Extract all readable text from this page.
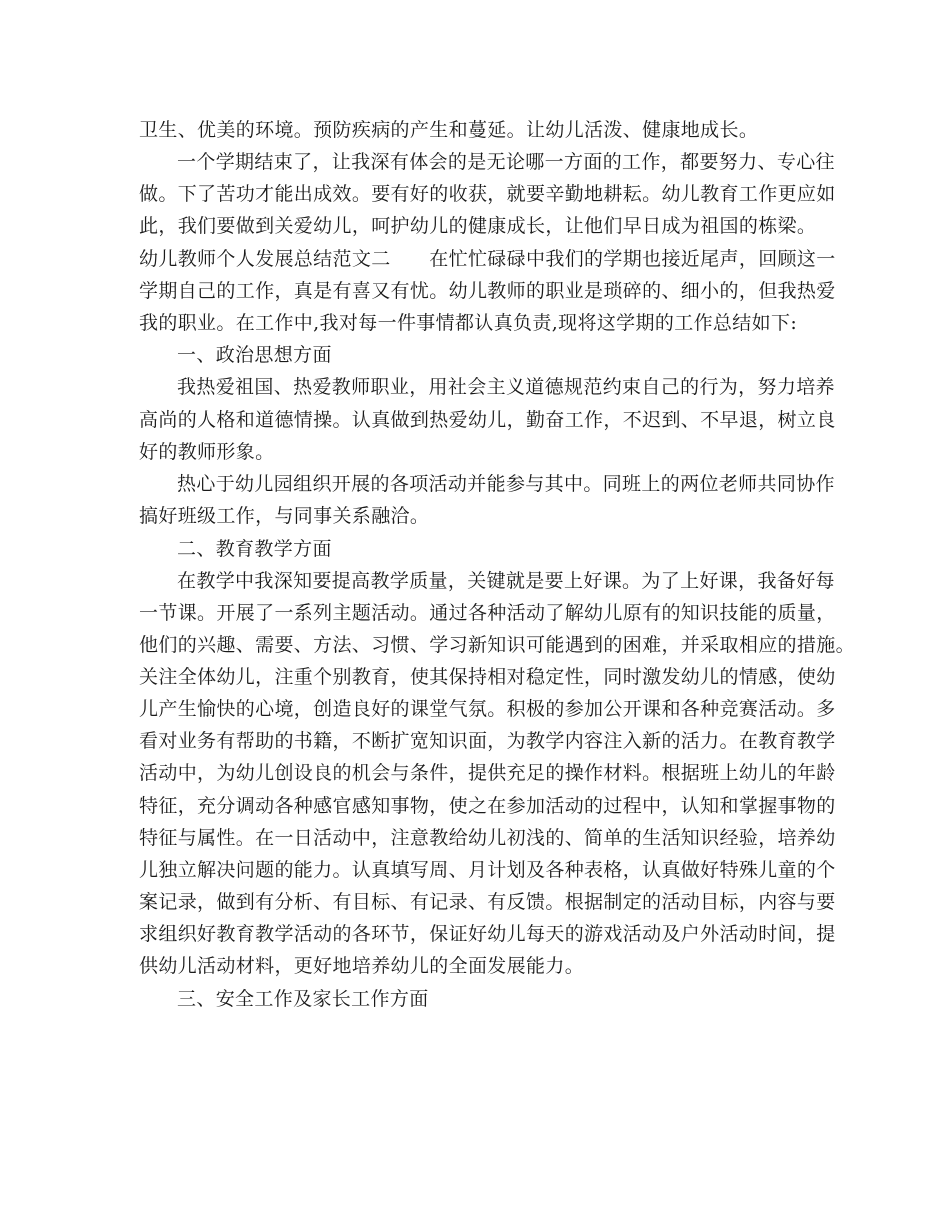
卫生、优美的环境。预防疾病的产生和蔓延。让幼儿活泼、健康地成长。
一个学期结束了，让我深有体会的是无论哪一方面的工作，都要努力、专心往
做。下了苦功才能出成效。要有好的收获，就要辛勤地耕耘。幼儿教育工作更应如
此，我们要做到关爱幼儿，呵护幼儿的健康成长，让他们早日成为祖国的栋梁。
幼儿教师个人发展总结范文二　　在忙忙碌碌中我们的学期也接近尾声，回顾这一
学期自己的工作，真是有喜又有忧。幼儿教师的职业是琐碎的、细小的，但我热爱
我的职业。在工作中,我对每一件事情都认真负责,现将这学期的工作总结如下:
一、政治思想方面
我热爱祖国、热爱教师职业，用社会主义道德规范约束自己的行为，努力培养
高尚的人格和道德情操。认真做到热爱幼儿，勤奋工作，不迟到、不早退，树立良
好的教师形象。
热心于幼儿园组织开展的各项活动并能参与其中。同班上的两位老师共同协作
搞好班级工作，与同事关系融洽。
二、教育教学方面
在教学中我深知要提高教学质量，关键就是要上好课。为了上好课，我备好每
一节课。开展了一系列主题活动。通过各种活动了解幼儿原有的知识技能的质量，
他们的兴趣、需要、方法、习惯、学习新知识可能遇到的困难，并采取相应的措施。
关注全体幼儿，注重个别教育，使其保持相对稳定性，同时激发幼儿的情感，使幼
儿产生愉快的心境，创造良好的课堂气氛。积极的参加公开课和各种竞赛活动。多
看对业务有帮助的书籍，不断扩宽知识面，为教学内容注入新的活力。在教育教学
活动中，为幼儿创设良的机会与条件，提供充足的操作材料。根据班上幼儿的年龄
特征，充分调动各种感官感知事物，使之在参加活动的过程中，认知和掌握事物的
特征与属性。在一日活动中，注意教给幼儿初浅的、简单的生活知识经验，培养幼
儿独立解决问题的能力。认真填写周、月计划及各种表格，认真做好特殊儿童的个
案记录，做到有分析、有目标、有记录、有反馈。根据制定的活动目标，内容与要
求组织好教育教学活动的各环节，保证好幼儿每天的游戏活动及户外活动时间，提
供幼儿活动材料，更好地培养幼儿的全面发展能力。
三、安全工作及家长工作方面
